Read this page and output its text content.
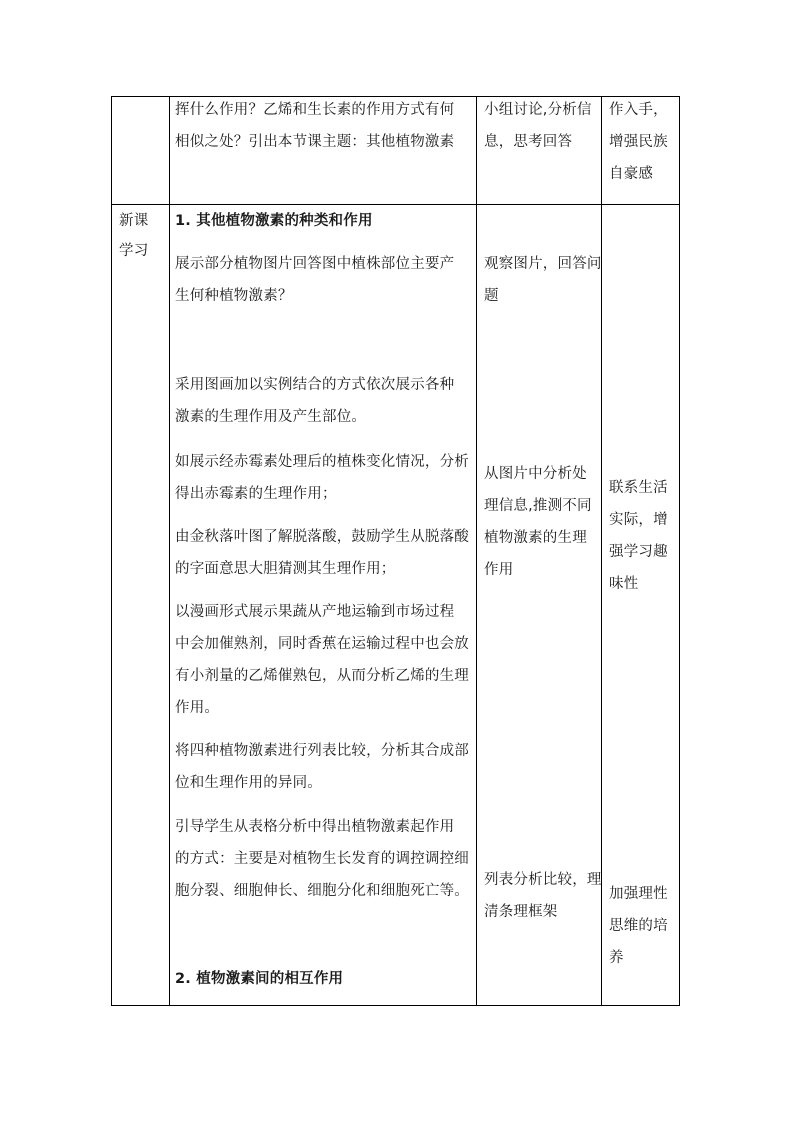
挥什么作用？乙烯和生长素的作用方式有何
相似之处？引出本节课主题：其他植物激素
小组讨论,分析信
息，思考回答
作入手，
增强民族
自豪感
新课
学习
1. 其他植物激素的种类和作用
展示部分植物图片回答图中植株部位主要产
生何种植物激素？
采用图画加以实例结合的方式依次展示各种
激素的生理作用及产生部位。
如展示经赤霉素处理后的植株变化情况，分析
得出赤霉素的生理作用；
由金秋落叶图了解脱落酸，鼓励学生从脱落酸
的字面意思大胆猜测其生理作用；
以漫画形式展示果蔬从产地运输到市场过程
中会加催熟剂，同时香蕉在运输过程中也会放
有小剂量的乙烯催熟包，从而分析乙烯的生理
作用。
将四种植物激素进行列表比较，分析其合成部
位和生理作用的异同。
引导学生从表格分析中得出植物激素起作用
的方式：主要是对植物生长发育的调控调控细
胞分裂、细胞伸长、细胞分化和细胞死亡等。
2. 植物激素间的相互作用
观察图片，回答问
题
从图片中分析处
理信息,推测不同
植物激素的生理
作用
列表分析比较，理
清条理框架
联系生活
实际，增
强学习趣
味性
加强理性
思维的培
养
